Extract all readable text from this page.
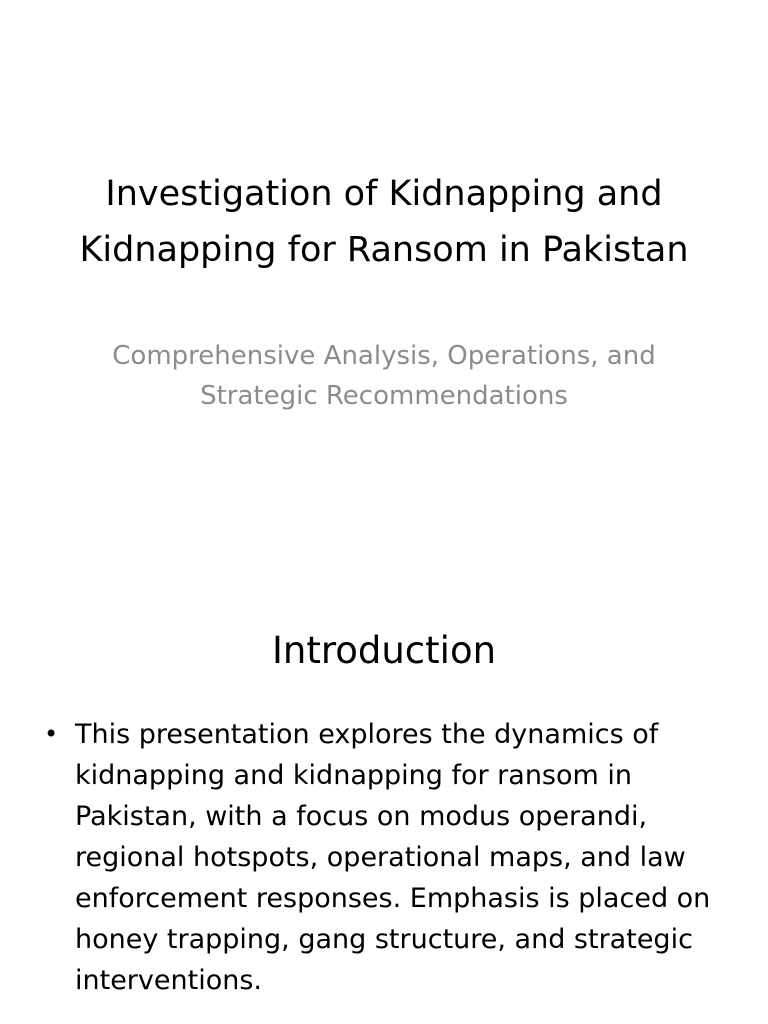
Investigation of Kidnapping and Kidnapping for Ransom in Pakistan
Comprehensive Analysis, Operations, and Strategic Recommendations
Introduction
• This presentation explores the dynamics of kidnapping and kidnapping for ransom in Pakistan, with a focus on modus operandi, regional hotspots, operational maps, and law enforcement responses. Emphasis is placed on honey trapping, gang structure, and strategic interventions.
